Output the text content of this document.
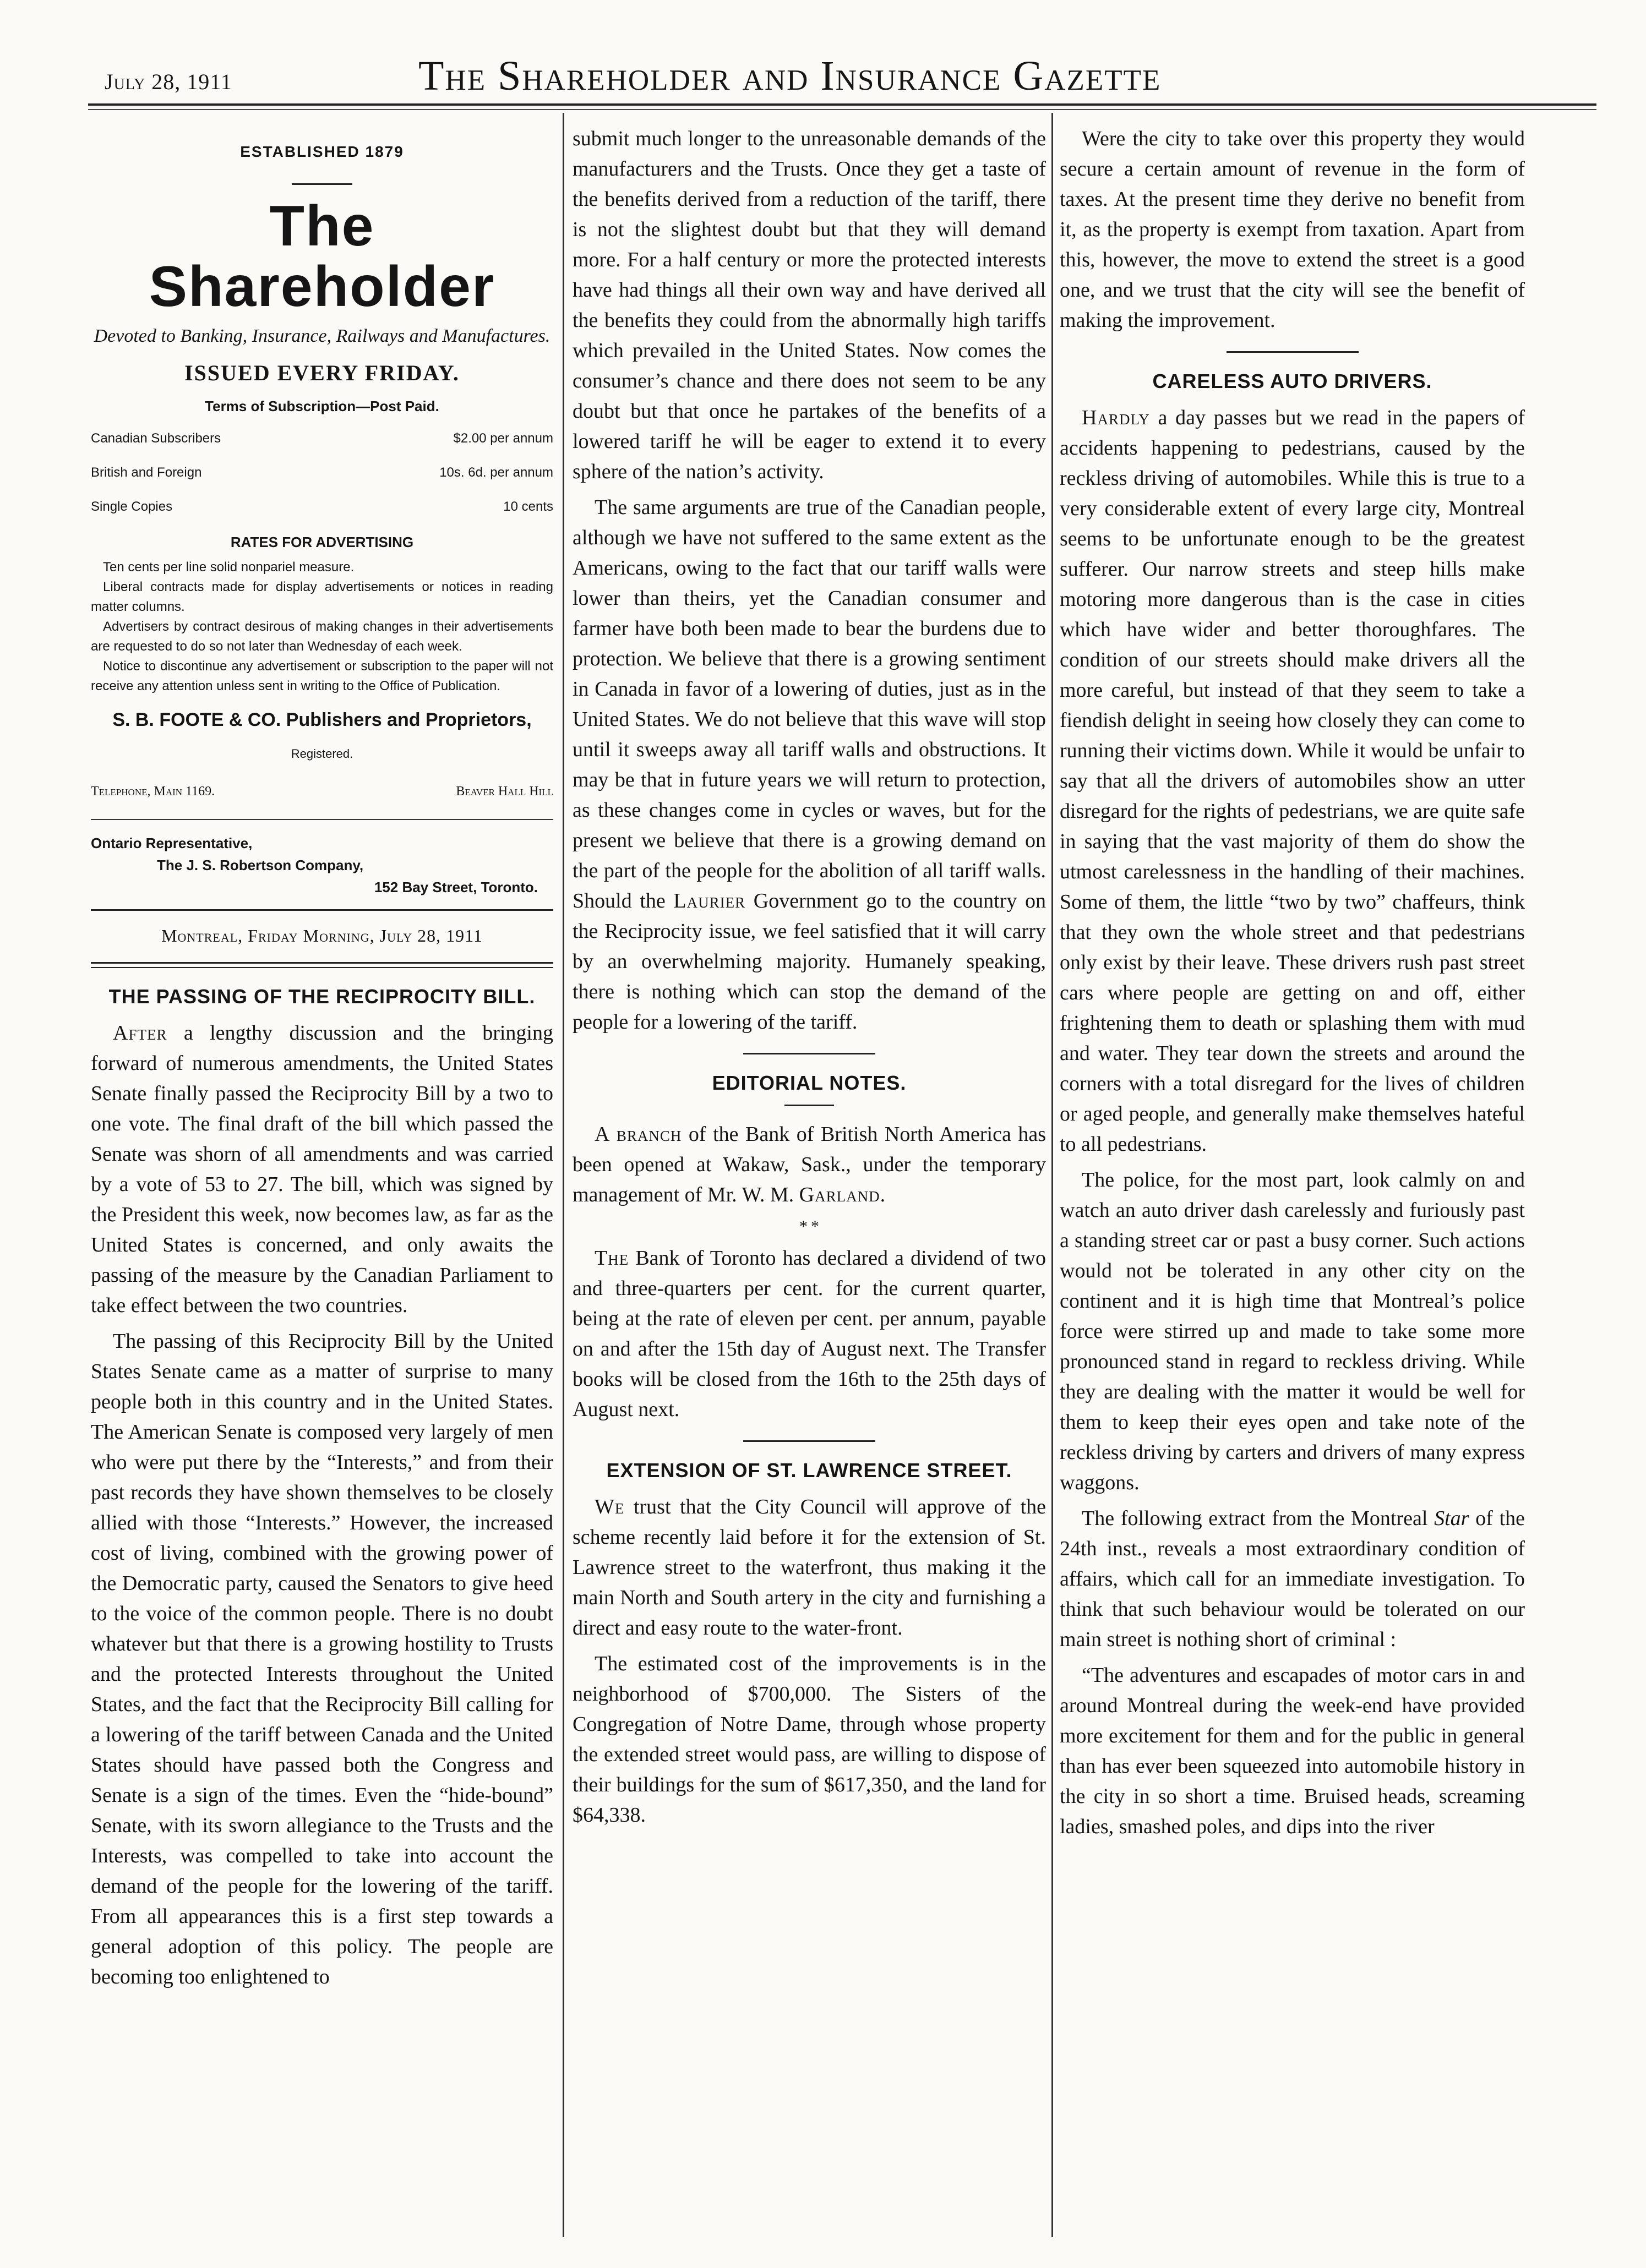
July 28, 1911	The Shareholder and Insurance Gazette
ESTABLISHED 1879
The Shareholder
Devoted to Banking, Insurance, Railways and Manufactures.
ISSUED EVERY FRIDAY.
Terms of Subscription—Post Paid.
Canadian Subscribers	$2.00 per annum
British and Foreign	10s. 6d. per annum
Single Copies	10 cents
RATES FOR ADVERTISING

Ten cents per line solid nonpariel measure.

Liberal contracts made for display advertisements or notices in reading matter columns.

Advertisers by contract desirous of making changes in their advertisements are requested to do so not later than Wednesday of each week.

Notice to discontinue any advertisement or subscription to the paper will not receive any attention unless sent in writing to the Office of Publication.

S. B. FOOTE & CO. Publishers and Proprietors,
Registered.
Telephone, Main 1169.	Beaver Hall Hill
Ontario Representative,
The J. S. Robertson Company,
152 Bay Street, Toronto.
Montreal, Friday Morning, July 28, 1911
THE PASSING OF THE RECIPROCITY BILL.

After a lengthy discussion and the bringing forward of numerous amendments, the United States Senate finally passed the Reciprocity Bill by a two to one vote. The final draft of the bill which passed the Senate was shorn of all amendments and was carried by a vote of 53 to 27. The bill, which was signed by the President this week, now becomes law, as far as the United States is concerned, and only awaits the passing of the measure by the Canadian Parliament to take effect between the two countries.

The passing of this Reciprocity Bill by the United States Senate came as a matter of surprise to many people both in this country and in the United States. The American Senate is composed very largely of men who were put there by the “Interests,” and from their past records they have shown themselves to be closely allied with those “Interests.” However, the increased cost of living, combined with the growing power of the Democratic party, caused the Senators to give heed to the voice of the common people. There is no doubt whatever but that there is a growing hostility to Trusts and the protected Interests throughout the United States, and the fact that the Reciprocity Bill calling for a lowering of the tariff between Canada and the United States should have passed both the Congress and Senate is a sign of the times. Even the “hide-bound” Senate, with its sworn allegiance to the Trusts and the Interests, was compelled to take into account the demand of the people for the lowering of the tariff. From all appearances this is a first step towards a general adoption of this policy. The people are becoming too enlightened to

submit much longer to the unreasonable demands of the manufacturers and the Trusts. Once they get a taste of the benefits derived from a reduction of the tariff, there is not the slightest doubt but that they will demand more. For a half century or more the protected interests have had things all their own way and have derived all the benefits they could from the abnormally high tariffs which prevailed in the United States. Now comes the consumer’s chance and there does not seem to be any doubt but that once he partakes of the benefits of a lowered tariff he will be eager to extend it to every sphere of the nation’s activity.

The same arguments are true of the Canadian people, although we have not suffered to the same extent as the Americans, owing to the fact that our tariff walls were lower than theirs, yet the Canadian consumer and farmer have both been made to bear the burdens due to protection. We believe that there is a growing sentiment in Canada in favor of a lowering of duties, just as in the United States. We do not believe that this wave will stop until it sweeps away all tariff walls and obstructions. It may be that in future years we will return to protection, as these changes come in cycles or waves, but for the present we believe that there is a growing demand on the part of the people for the abolition of all tariff walls. Should the Laurier Government go to the country on the Reciprocity issue, we feel satisfied that it will carry by an overwhelming majority. Humanely speaking, there is nothing which can stop the demand of the people for a lowering of the tariff.

EDITORIAL NOTES.

A branch of the Bank of British North America has been opened at Wakaw, Sask., under the temporary management of Mr. W. M. Garland.

* *

The Bank of Toronto has declared a dividend of two and three-quarters per cent. for the current quarter, being at the rate of eleven per cent. per annum, payable on and after the 15th day of August next. The Transfer books will be closed from the 16th to the 25th days of August next.

EXTENSION OF ST. LAWRENCE STREET.

We trust that the City Council will approve of the scheme recently laid before it for the extension of St. Lawrence street to the waterfront, thus making it the main North and South artery in the city and furnishing a direct and easy route to the water-front.

The estimated cost of the improvements is in the neighborhood of $700,000. The Sisters of the Congregation of Notre Dame, through whose property the extended street would pass, are willing to dispose of their buildings for the sum of $617,350, and the land for $64,338.

Were the city to take over this property they would secure a certain amount of revenue in the form of taxes. At the present time they derive no benefit from it, as the property is exempt from taxation. Apart from this, however, the move to extend the street is a good one, and we trust that the city will see the benefit of making the improvement.

CARELESS AUTO DRIVERS.

Hardly a day passes but we read in the papers of accidents happening to pedestrians, caused by the reckless driving of automobiles. While this is true to a very considerable extent of every large city, Montreal seems to be unfortunate enough to be the greatest sufferer. Our narrow streets and steep hills make motoring more dangerous than is the case in cities which have wider and better thoroughfares. The condition of our streets should make drivers all the more careful, but instead of that they seem to take a fiendish delight in seeing how closely they can come to running their victims down. While it would be unfair to say that all the drivers of automobiles show an utter disregard for the rights of pedestrians, we are quite safe in saying that the vast majority of them do show the utmost carelessness in the handling of their machines. Some of them, the little “two by two” chaffeurs, think that they own the whole street and that pedestrians only exist by their leave. These drivers rush past street cars where people are getting on and off, either frightening them to death or splashing them with mud and water. They tear down the streets and around the corners with a total disregard for the lives of children or aged people, and generally make themselves hateful to all pedestrians.

The police, for the most part, look calmly on and watch an auto driver dash carelessly and furiously past a standing street car or past a busy corner. Such actions would not be tolerated in any other city on the continent and it is high time that Montreal’s police force were stirred up and made to take some more pronounced stand in regard to reckless driving. While they are dealing with the matter it would be well for them to keep their eyes open and take note of the reckless driving by carters and drivers of many express waggons.

The following extract from the Montreal Star of the 24th inst., reveals a most extraordinary condition of affairs, which call for an immediate investigation. To think that such behaviour would be tolerated on our main street is nothing short of criminal :

“The adventures and escapades of motor cars in and around Montreal during the week-end have provided more excitement for them and for the public in general than has ever been squeezed into automobile history in the city in so short a time. Bruised heads, screaming ladies, smashed poles, and dips into the river
